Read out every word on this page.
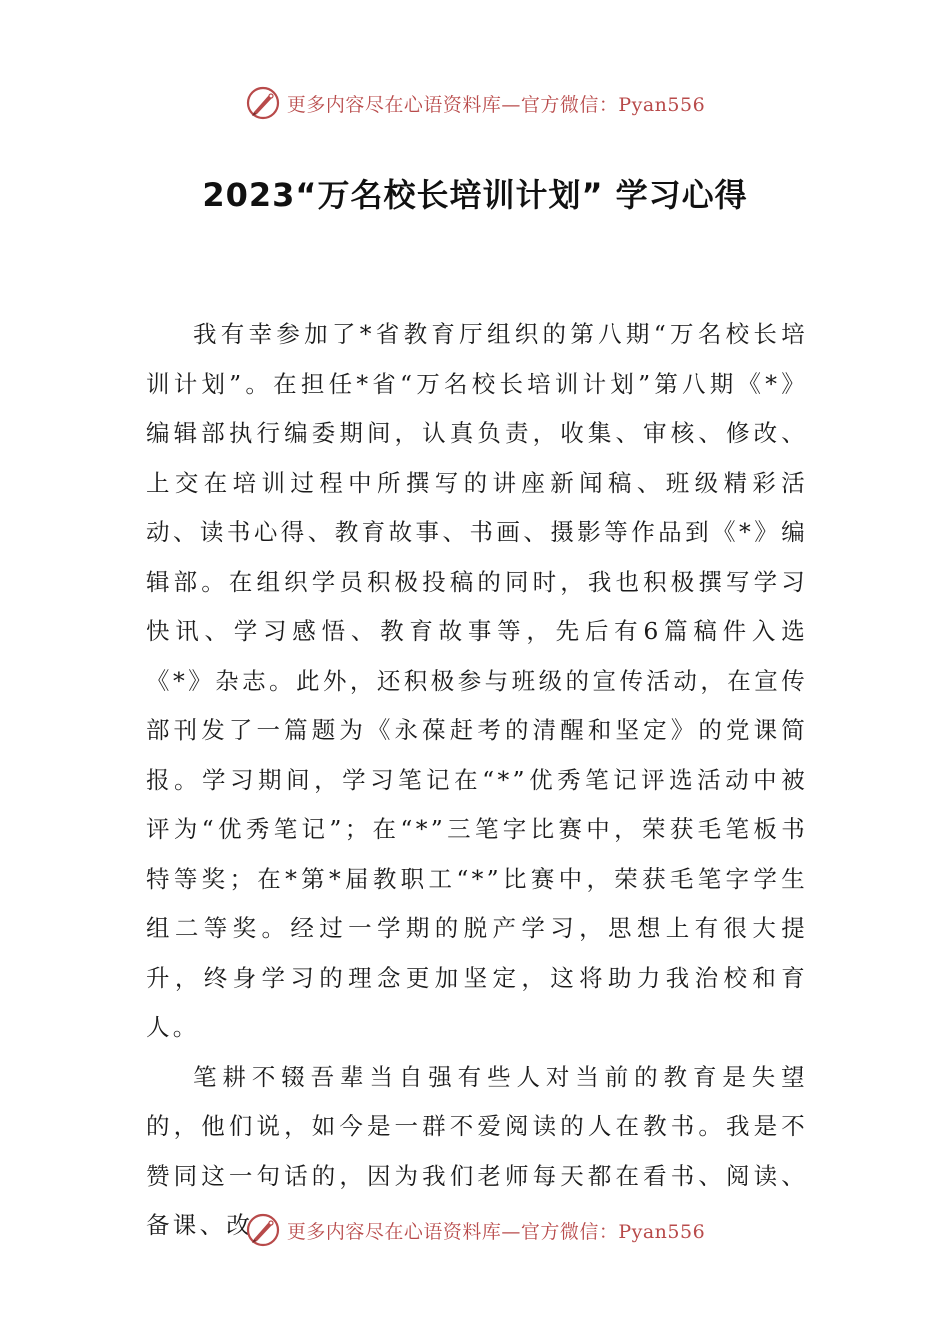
更多内容尽在心语资料库—官方微信：Pyan556
2023“万名校长培训计划” 学习心得

我有幸参加了*省教育厅组织的第八期“万名校长培训计划”。在担任*省“万名校长培训计划”第八期《*》编辑部执行编委期间，认真负责，收集、审核、修改、上交在培训过程中所撰写的讲座新闻稿、班级精彩活动、读书心得、教育故事、书画、摄影等作品到《*》编辑部。在组织学员积极投稿的同时，我也积极撰写学习快讯、学习感悟、教育故事等，先后有6篇稿件入选《*》杂志。此外，还积极参与班级的宣传活动，在宣传部刊发了一篇题为《永葆赶考的清醒和坚定》的党课简报。学习期间，学习笔记在“*”优秀笔记评选活动中被评为“优秀笔记”；在“*”三笔字比赛中，荣获毛笔板书特等奖；在*第*届教职工“*”比赛中，荣获毛笔字学生组二等奖。经过一学期的脱产学习，思想上有很大提升，终身学习的理念更加坚定，这将助力我治校和育人。

笔耕不辍吾辈当自强有些人对当前的教育是失望的，他们说，如今是一群不爱阅读的人在教书。我是不赞同这一句话的，因为我们老师每天都在看书、阅读、备课、改	更多内容尽在心语资料库—官方微信：Pyan556
